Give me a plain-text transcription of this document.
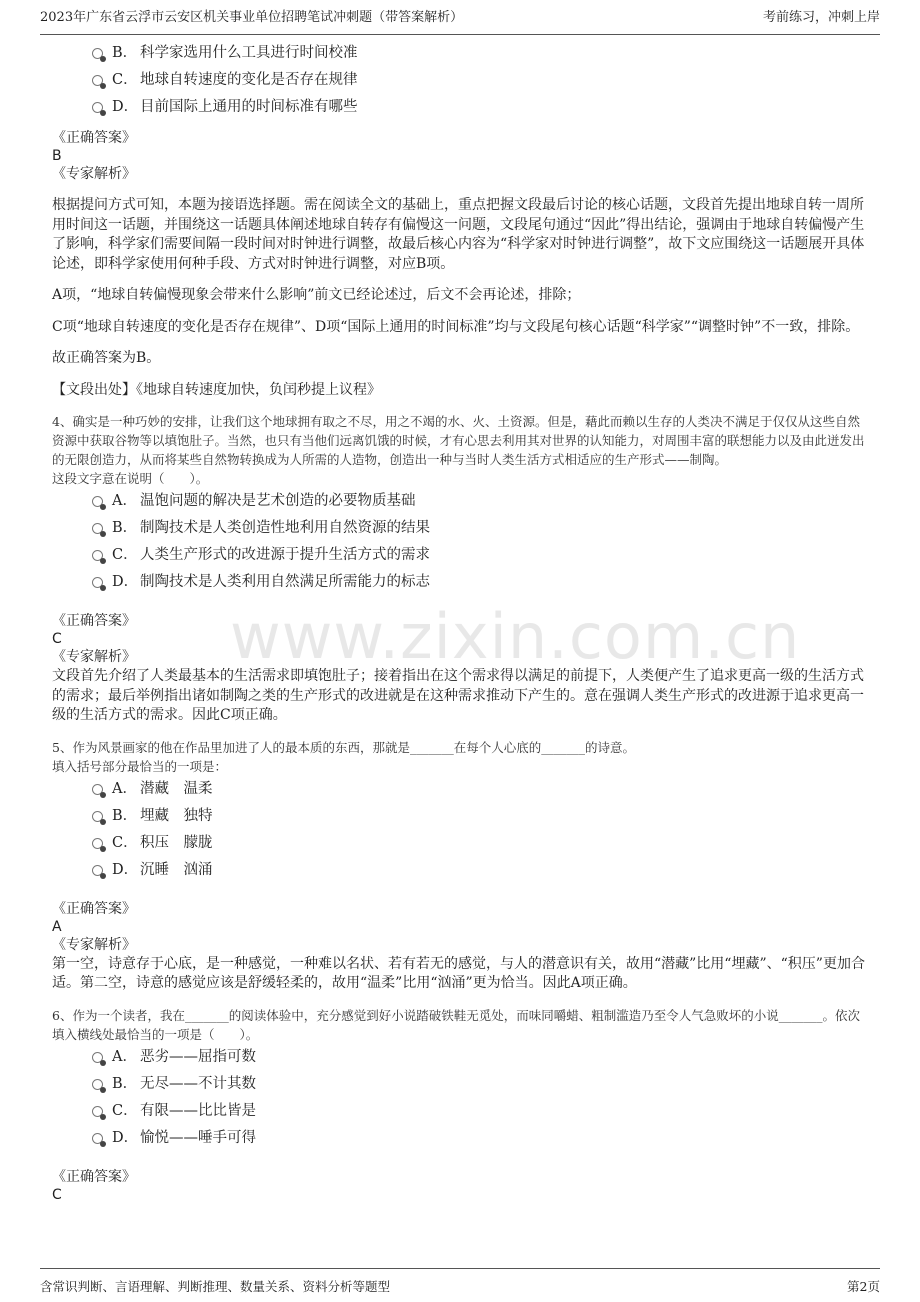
2023年广东省云浮市云安区机关事业单位招聘笔试冲刺题（带答案解析）	考前练习，冲刺上岸
www.zixin.com.cn
B． 科学家选用什么工具进行时间校准
C． 地球自转速度的变化是否存在规律
D． 目前国际上通用的时间标准有哪些
《正确答案》
B
《专家解析》

根据提问方式可知，本题为接语选择题。需在阅读全文的基础上，重点把握文段最后讨论的核心话题，文段首先提出地球自转一周所用时间这一话题，并围绕这一话题具体阐述地球自转存有偏慢这一问题，文段尾句通过“因此”得出结论，强调由于地球自转偏慢产生了影响，科学家们需要间隔一段时间对时钟进行调整，故最后核心内容为“科学家对时钟进行调整”，故下文应围绕这一话题展开具体论述，即科学家使用何种手段、方式对时钟进行调整，对应B项。

A项，“地球自转偏慢现象会带来什么影响”前文已经论述过，后文不会再论述，排除；

C项“地球自转速度的变化是否存在规律”、D项“国际上通用的时间标准”均与文段尾句核心话题“科学家”“调整时钟”不一致，排除。

故正确答案为B。

【文段出处】《地球自转速度加快，负闰秒提上议程》

4、确实是一种巧妙的安排，让我们这个地球拥有取之不尽，用之不竭的水、火、土资源。但是，藉此而赖以生存的人类决不满足于仅仅从这些自然资源中获取谷物等以填饱肚子。当然，也只有当他们远离饥饿的时候，才有心思去利用其对世界的认知能力，对周围丰富的联想能力以及由此迸发出的无限创造力，从而将某些自然物转换成为人所需的人造物，创造出一种与当时人类生活方式相适应的生产形式——制陶。

这段文字意在说明（　　）。

A． 温饱问题的解决是艺术创造的必要物质基础
B． 制陶技术是人类创造性地利用自然资源的结果
C． 人类生产形式的改进源于提升生活方式的需求
D． 制陶技术是人类利用自然满足所需能力的标志
《正确答案》
C
《专家解析》

文段首先介绍了人类最基本的生活需求即填饱肚子；接着指出在这个需求得以满足的前提下，人类便产生了追求更高一级的生活方式的需求；最后举例指出诸如制陶之类的生产形式的改进就是在这种需求推动下产生的。意在强调人类生产形式的改进源于追求更高一级的生活方式的需求。因此C项正确。

5、作为风景画家的他在作品里加进了人的最本质的东西，那就是_______在每个人心底的_______的诗意。

填入括号部分最恰当的一项是：

A． 潜藏　温柔
B． 埋藏　独特
C． 积压　朦胧
D． 沉睡　汹涌
《正确答案》
A
《专家解析》

第一空，诗意存于心底，是一种感觉，一种难以名状、若有若无的感觉，与人的潜意识有关，故用“潜藏”比用“埋藏”、“积压”更加合适。第二空，诗意的感觉应该是舒缓轻柔的，故用“温柔”比用“汹涌”更为恰当。因此A项正确。

6、作为一个读者，我在_______的阅读体验中，充分感觉到好小说踏破铁鞋无觅处，而味同嚼蜡、粗制滥造乃至令人气急败坏的小说_______。依次填入横线处最恰当的一项是（　　）。

A． 恶劣——屈指可数
B． 无尽——不计其数
C． 有限——比比皆是
D． 愉悦——唾手可得
《正确答案》
C
含常识判断、言语理解、判断推理、数量关系、资料分析等题型	第2页
